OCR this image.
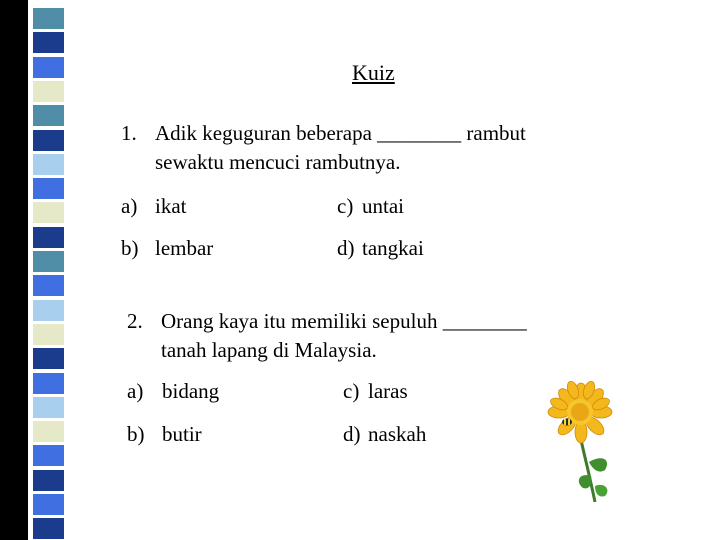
Kuiz
1. Adik keguguran beberapa ________ rambut
sewaktu mencuci rambutnya.
a) ikat	c) untai
b) lembar	d) tangkai
2. Orang kaya itu memiliki sepuluh ________
tanah lapang di Malaysia.
a) bidang	c) laras
b) butir	d) naskah
